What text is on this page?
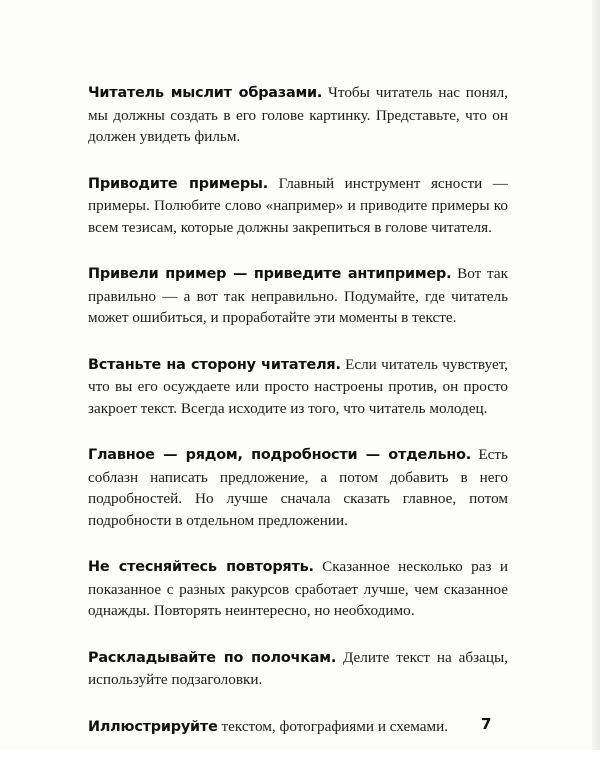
Читатель мыслит образами. Чтобы читатель нас понял, мы должны создать в его голове картинку. Представьте, что он должен увидеть фильм.

Приводите примеры. Главный инструмент ясности — примеры. Полюбите слово «например» и приводите примеры ко всем тезисам, которые должны закрепиться в голове читателя.

Привели пример — приведите антипример. Вот так правильно — а вот так неправильно. Подумайте, где читатель может ошибиться, и проработайте эти моменты в тексте.

Встаньте на сторону читателя. Если читатель чувствует, что вы его осуждаете или просто настроены против, он просто закроет текст. Всегда исходите из того, что читатель молодец.

Главное — рядом, подробности — отдельно. Есть соблазн написать предложение, а потом добавить в него подробностей. Но лучше сначала сказать главное, потом подробности в отдельном предложении.

Не стесняйтесь повторять. Сказанное несколько раз и показанное с разных ракурсов сработает лучше, чем сказанное однажды. Повторять неинтересно, но необходимо.

Раскладывайте по полочкам. Делите текст на абзацы, используйте подзаголовки.

Иллюстрируйте текстом, фотографиями и схемами.	7
